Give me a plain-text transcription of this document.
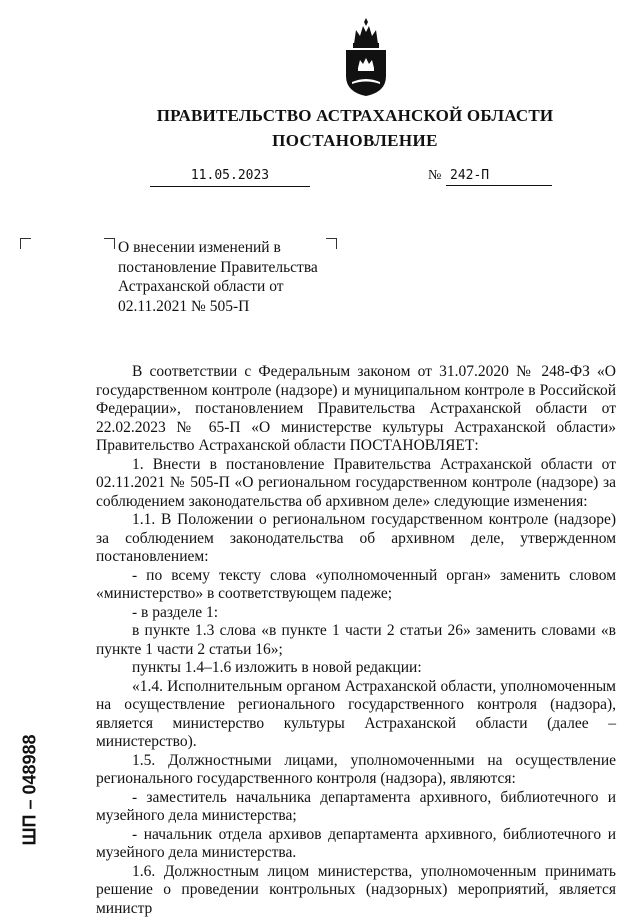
ПРАВИТЕЛЬСТВО АСТРАХАНСКОЙ ОБЛАСТИ
ПОСТАНОВЛЕНИЕ
11.05.2023	№ 242-П
О внесении изменений в постановление Правительства Астраханской области от 02.11.2021 № 505-П

В соответствии с Федеральным законом от 31.07.2020 № 248-ФЗ «О государственном контроле (надзоре) и муниципальном контроле в Российской Федерации», постановлением Правительства Астраханской области от 22.02.2023 № 65-П «О министерстве культуры Астраханской области» Правительство Астраханской области ПОСТАНОВЛЯЕТ:

1. Внести в постановление Правительства Астраханской области от 02.11.2021 № 505-П «О региональном государственном контроле (надзоре) за соблюдением законодательства об архивном деле» следующие изменения:

1.1. В Положении о региональном государственном контроле (надзоре) за соблюдением законодательства об архивном деле, утвержденном постановлением:

- по всему тексту слова «уполномоченный орган» заменить словом «министерство» в соответствующем падеже;

- в разделе 1:

в пункте 1.3 слова «в пункте 1 части 2 статьи 26» заменить словами «в пункте 1 части 2 статьи 16»;

пункты 1.4–1.6 изложить в новой редакции:

«1.4. Исполнительным органом Астраханской области, уполномоченным на осуществление регионального государственного контроля (надзора), является министерство культуры Астраханской области (далее – министерство).

1.5. Должностными лицами, уполномоченными на осуществление регионального государственного контроля (надзора), являются:

- заместитель начальника департамента архивного, библиотечного и музейного дела министерства;

- начальник отдела архивов департамента архивного, библиотечного и музейного дела министерства.

1.6. Должностным лицом министерства, уполномоченным принимать решение о проведении контрольных (надзорных) мероприятий, является министр

ШП – 048988
